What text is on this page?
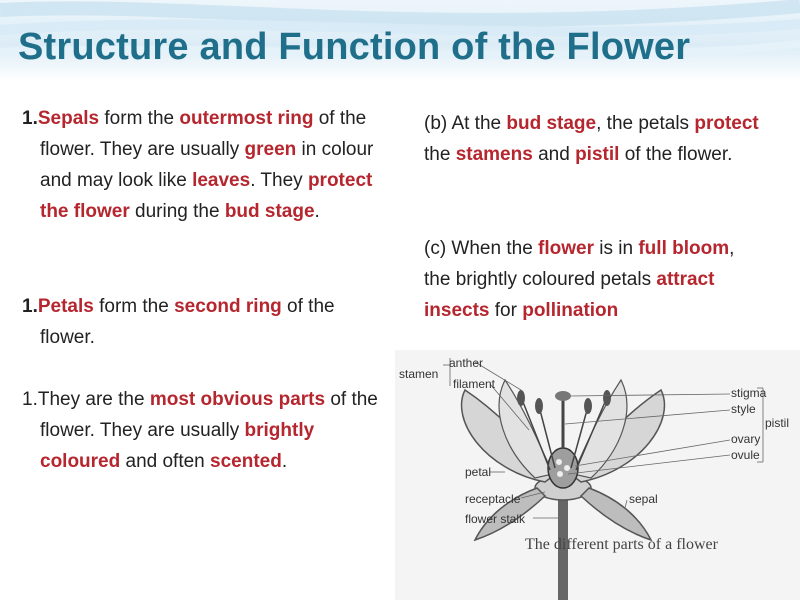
Structure and Function of the Flower
1.Sepals form the outermost ring of the flower. They are usually green in colour and may look like leaves. They protect the flower during the bud stage.
1.Petals form the second ring of the flower.
1.They are the most obvious parts of the flower. They are usually brightly coloured and often scented.
(b) At the bud stage, the petals protect the stamens and pistil of the flower.
(c) When the flower is in full bloom, the brightly coloured petals attract insects for pollination
anther
stamen
filament
stigma
style
pistil
ovary
ovule
petal
receptacle
flower stalk
sepal
The different parts of a flower
